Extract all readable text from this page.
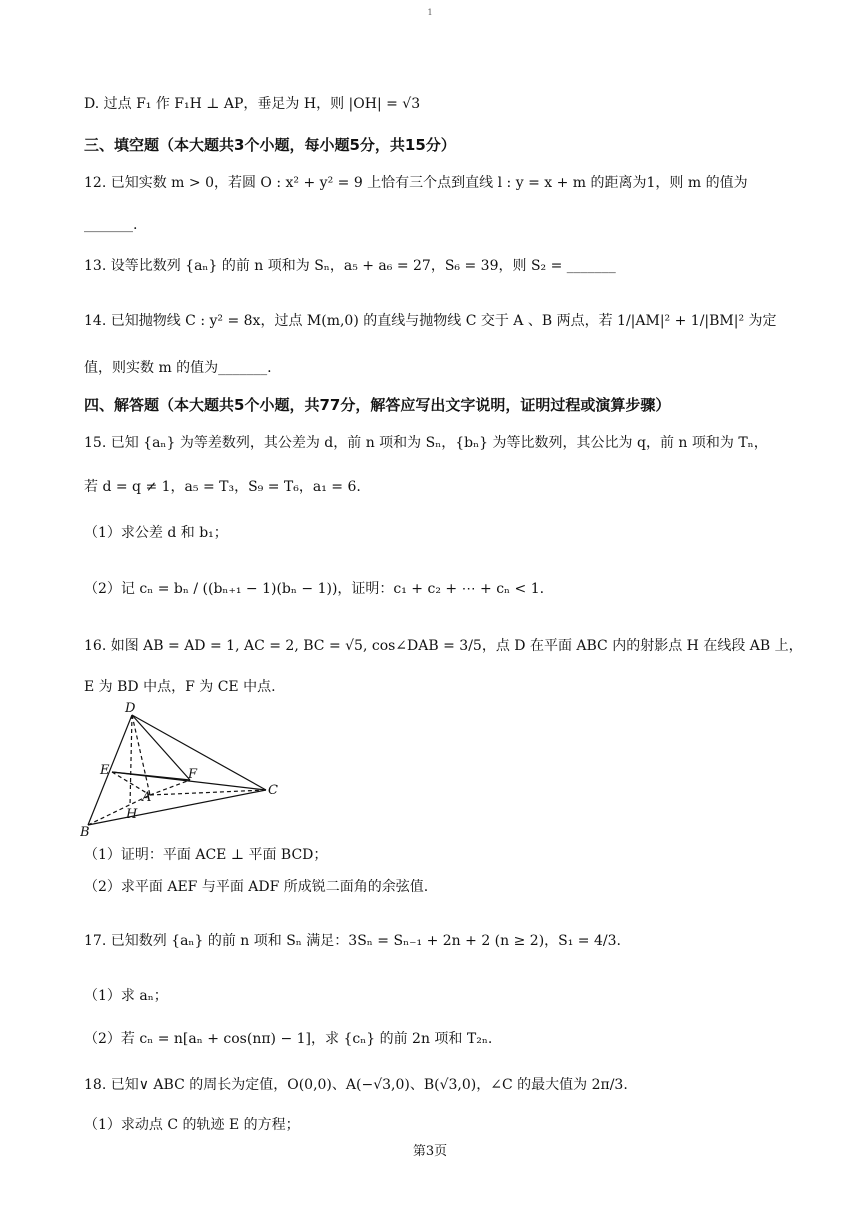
1
D. 过点 F₁ 作 F₁H ⊥ AP，垂足为 H，则 |OH| = √3
三、填空题（本大题共3个小题，每小题5分，共15分）
12. 已知实数 m > 0，若圆 O : x² + y² = 9 上恰有三个点到直线 l : y = x + m 的距离为1，则 m 的值为
_______.
13. 设等比数列 {aₙ} 的前 n 项和为 Sₙ，a₅ + a₆ = 27，S₆ = 39，则 S₂ = _______
14. 已知抛物线 C : y² = 8x，过点 M(m,0) 的直线与抛物线 C 交于 A 、B 两点，若 1/|AM|² + 1/|BM|² 为定
值，则实数 m 的值为_______.
四、解答题（本大题共5个小题，共77分，解答应写出文字说明，证明过程或演算步骤）
15. 已知 {aₙ} 为等差数列，其公差为 d，前 n 项和为 Sₙ，{bₙ} 为等比数列，其公比为 q，前 n 项和为 Tₙ，
若 d = q ≠ 1，a₅ = T₃，S₉ = T₆，a₁ = 6.
（1）求公差 d 和 b₁；
（2）记 cₙ = bₙ / ((bₙ₊₁ − 1)(bₙ − 1))，证明：c₁ + c₂ + ⋯ + cₙ < 1.
16. 如图 AB = AD = 1, AC = 2, BC = √5, cos∠DAB = 3/5，点 D 在平面 ABC 内的射影点 H 在线段 AB 上，
E 为 BD 中点，F 为 CE 中点.
D
E	F
A
H
B
C
（1）证明：平面 ACE ⊥ 平面 BCD；
（2）求平面 AEF 与平面 ADF 所成锐二面角的余弦值.
17. 已知数列 {aₙ} 的前 n 项和 Sₙ 满足：3Sₙ = Sₙ₋₁ + 2n + 2 (n ≥ 2)，S₁ = 4/3.
（1）求 aₙ；
（2）若 cₙ = n[aₙ + cos(nπ) − 1]，求 {cₙ} 的前 2n 项和 T₂ₙ.
18. 已知∨ ABC 的周长为定值，O(0,0)、A(−√3,0)、B(√3,0)，∠C 的最大值为 2π/3.
（1）求动点 C 的轨迹 E 的方程；
第3页
